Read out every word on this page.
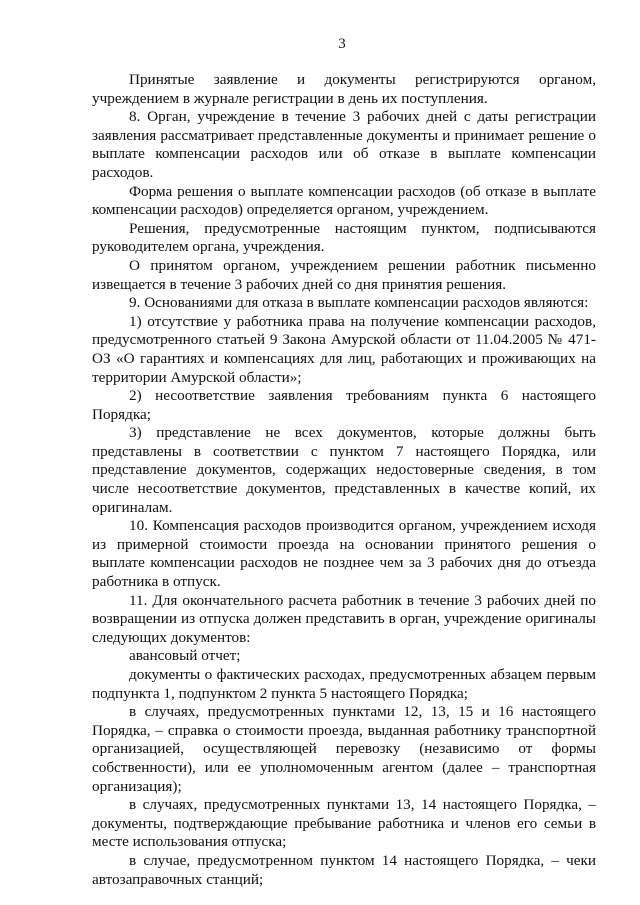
3

Принятые заявление и документы регистрируются органом, учреждением в журнале регистрации в день их поступления.

8. Орган, учреждение в течение 3 рабочих дней с даты регистрации заявления рассматривает представленные документы и принимает решение о выплате компенсации расходов или об отказе в выплате компенсации расходов.

Форма решения о выплате компенсации расходов (об отказе в выплате компенсации расходов) определяется органом, учреждением.

Решения, предусмотренные настоящим пунктом, подписываются руководителем органа, учреждения.

О принятом органом, учреждением решении работник письменно извещается в течение 3 рабочих дней со дня принятия решения.

9. Основаниями для отказа в выплате компенсации расходов являются:

1) отсутствие у работника права на получение компенсации расходов, предусмотренного статьей 9 Закона Амурской области от 11.04.2005 № 471-ОЗ «О гарантиях и компенсациях для лиц, работающих и проживающих на территории Амурской области»;

2) несоответствие заявления требованиям пункта 6 настоящего Порядка;

3) представление не всех документов, которые должны быть представлены в соответствии с пунктом 7 настоящего Порядка, или представление документов, содержащих недостоверные сведения, в том числе несоответствие документов, представленных в качестве копий, их оригиналам.

10. Компенсация расходов производится органом, учреждением исходя из примерной стоимости проезда на основании принятого решения о выплате компенсации расходов не позднее чем за 3 рабочих дня до отъезда работника в отпуск.

11. Для окончательного расчета работник в течение 3 рабочих дней по возвращении из отпуска должен представить в орган, учреждение оригиналы следующих документов:

авансовый отчет;

документы о фактических расходах, предусмотренных абзацем первым подпункта 1, подпунктом 2 пункта 5 настоящего Порядка;

в случаях, предусмотренных пунктами 12, 13, 15 и 16 настоящего Порядка, – справка о стоимости проезда, выданная работнику транспортной организацией, осуществляющей перевозку (независимо от формы собственности), или ее уполномоченным агентом (далее – транспортная организация);

в случаях, предусмотренных пунктами 13, 14 настоящего Порядка, – документы, подтверждающие пребывание работника и членов его семьи в месте использования отпуска;

в случае, предусмотренном пунктом 14 настоящего Порядка, – чеки автозаправочных станций;
